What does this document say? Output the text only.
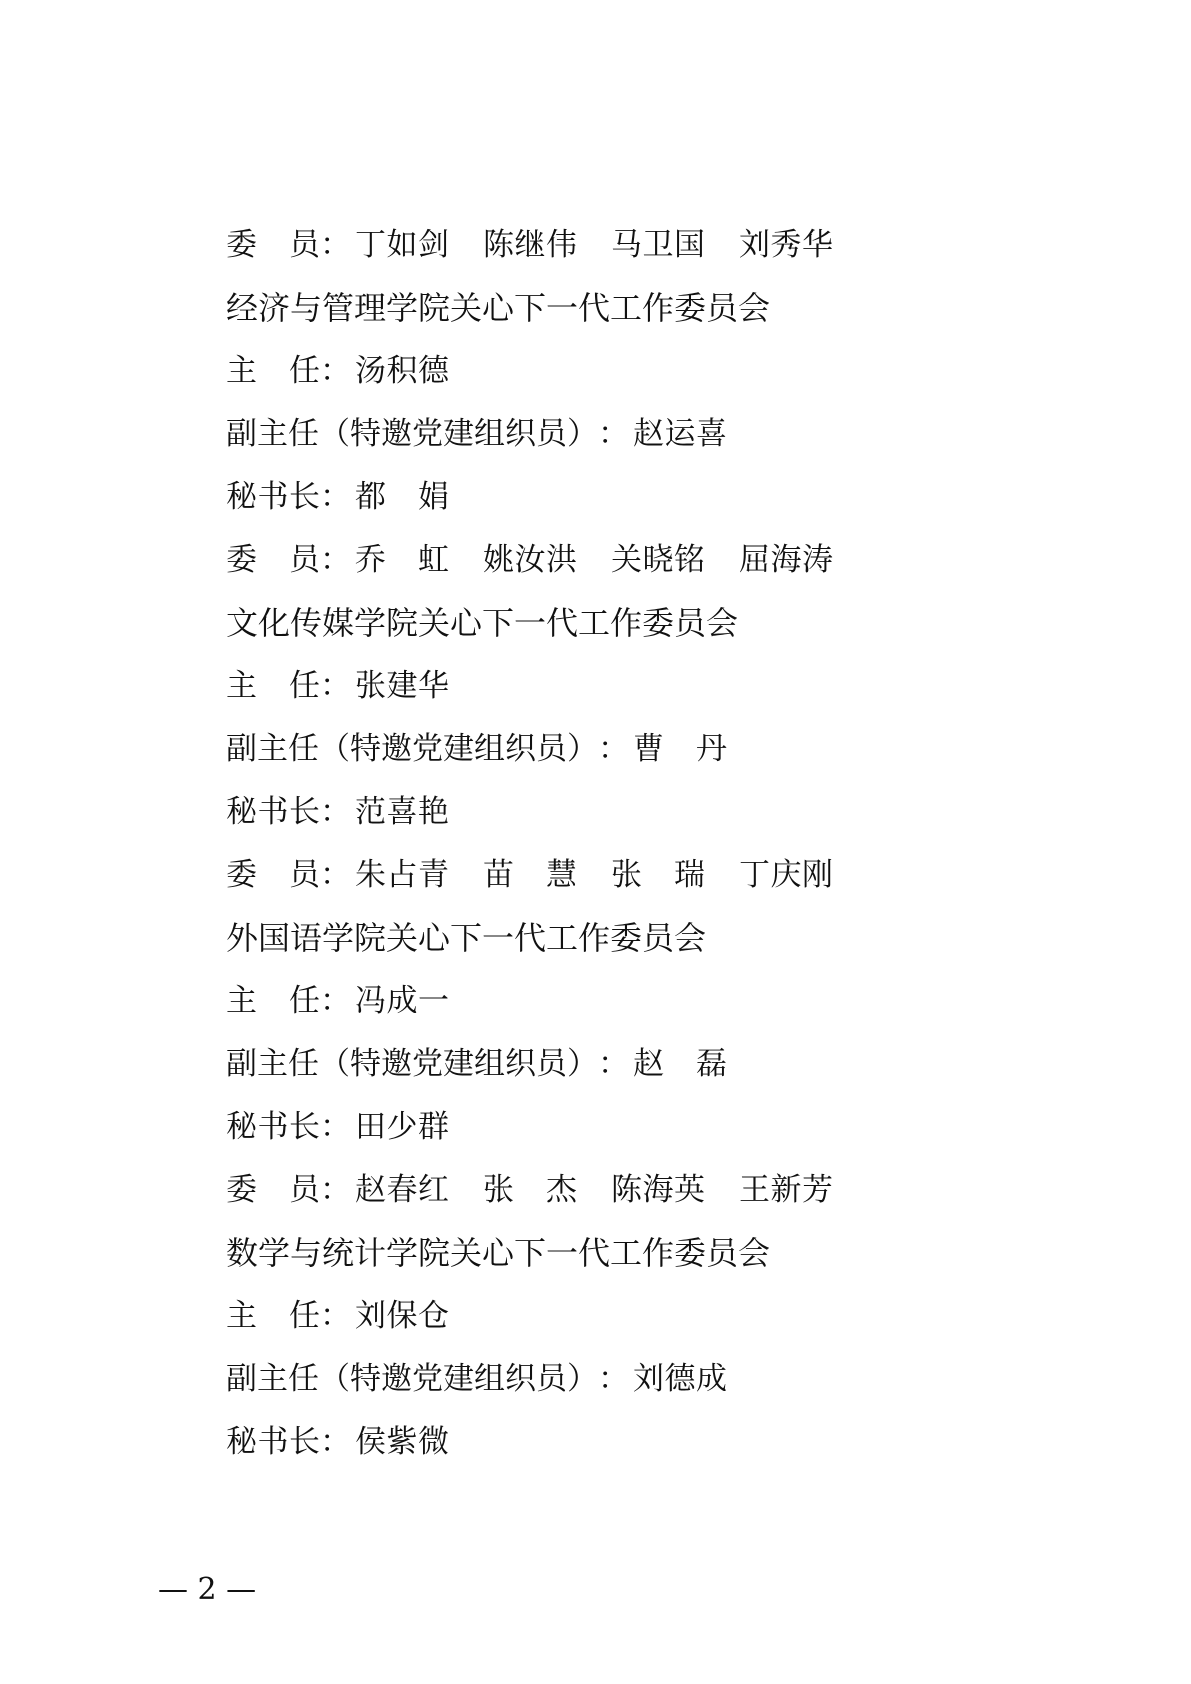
委　员： 丁如剑 陈继伟 马卫国 刘秀华
经济与管理学院关心下一代工作委员会
主　任： 汤积德
副主任（特邀党建组织员）： 赵运喜
秘书长： 都　娟
委　员： 乔　虹 姚汝洪 关晓铭 屈海涛
文化传媒学院关心下一代工作委员会
主　任： 张建华
副主任（特邀党建组织员）： 曹　丹
秘书长： 范喜艳
委　员： 朱占青 苗　慧 张　瑞 丁庆刚
外国语学院关心下一代工作委员会
主　任： 冯成一
副主任（特邀党建组织员）： 赵　磊
秘书长： 田少群
委　员： 赵春红 张　杰 陈海英 王新芳
数学与统计学院关心下一代工作委员会
主　任： 刘保仓
副主任（特邀党建组织员）： 刘德成
秘书长： 侯紫微
— 2 —
